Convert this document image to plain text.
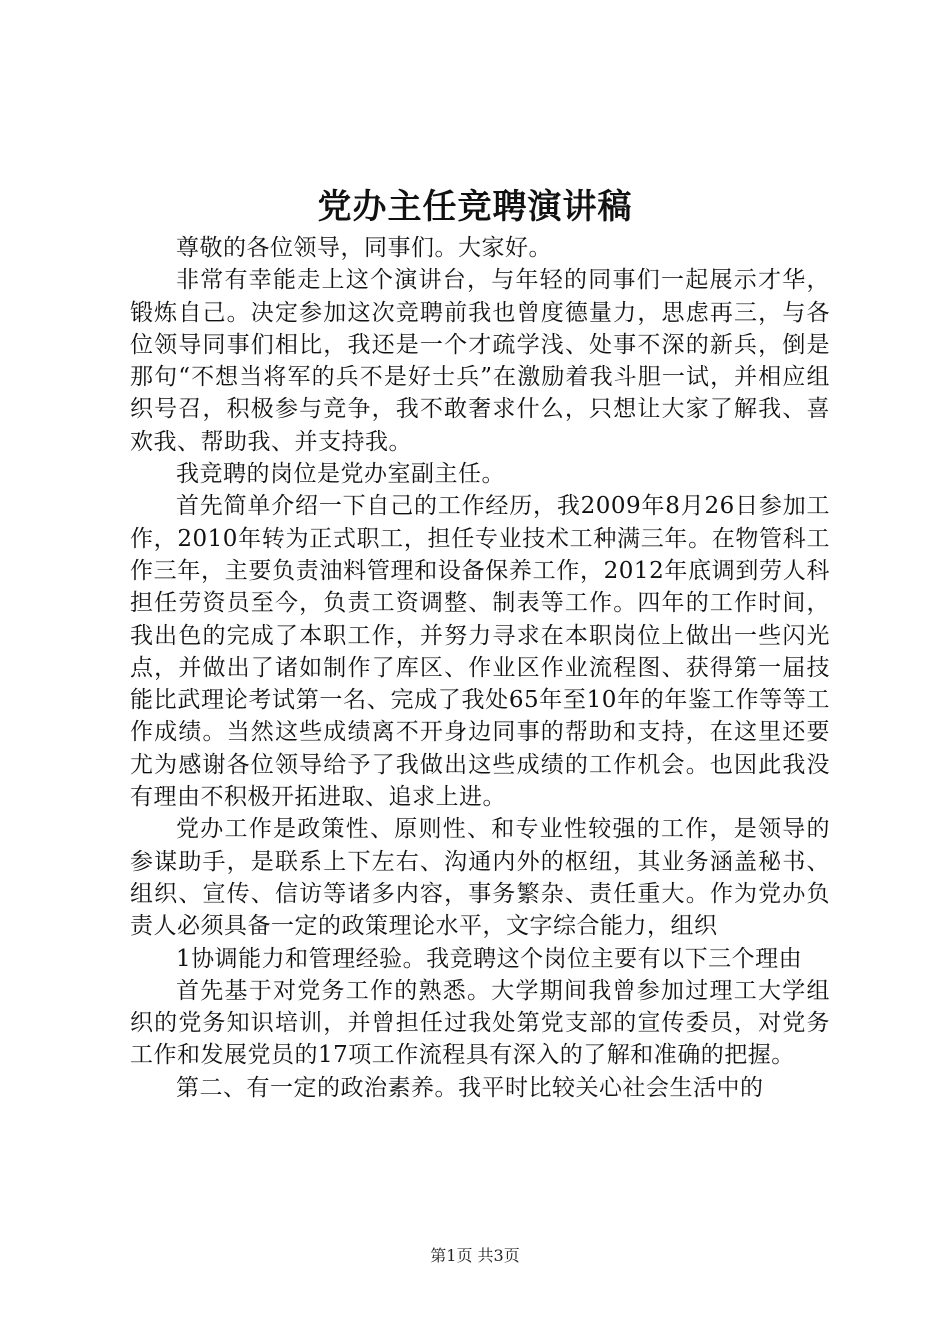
党办主任竞聘演讲稿

尊敬的各位领导，同事们。大家好。

非常有幸能走上这个演讲台，与年轻的同事们一起展示才华，锻炼自己。决定参加这次竞聘前我也曾度德量力，思虑再三，与各位领导同事们相比，我还是一个才疏学浅、处事不深的新兵，倒是那句“不想当将军的兵不是好士兵”在激励着我斗胆一试，并相应组织号召，积极参与竞争，我不敢奢求什么，只想让大家了解我、喜欢我、帮助我、并支持我。

我竞聘的岗位是党办室副主任。

首先简单介绍一下自己的工作经历，我2009年8月26日参加工作，2010年转为正式职工，担任专业技术工种满三年。在物管科工作三年，主要负责油料管理和设备保养工作，2012年底调到劳人科担任劳资员至今，负责工资调整、制表等工作。四年的工作时间，我出色的完成了本职工作，并努力寻求在本职岗位上做出一些闪光点，并做出了诸如制作了库区、作业区作业流程图、获得第一届技能比武理论考试第一名、完成了我处65年至10年的年鉴工作等等工作成绩。当然这些成绩离不开身边同事的帮助和支持，在这里还要尤为感谢各位领导给予了我做出这些成绩的工作机会。也因此我没有理由不积极开拓进取、追求上进。

党办工作是政策性、原则性、和专业性较强的工作，是领导的参谋助手，是联系上下左右、沟通内外的枢纽，其业务涵盖秘书、组织、宣传、信访等诸多内容，事务繁杂、责任重大。作为党办负责人必须具备一定的政策理论水平，文字综合能力，组织

1协调能力和管理经验。我竞聘这个岗位主要有以下三个理由

首先基于对党务工作的熟悉。大学期间我曾参加过理工大学组织的党务知识培训，并曾担任过我处第党支部的宣传委员，对党务工作和发展党员的17项工作流程具有深入的了解和准确的把握。

第二、有一定的政治素养。我平时比较关心社会生活中的

第1页 共3页
